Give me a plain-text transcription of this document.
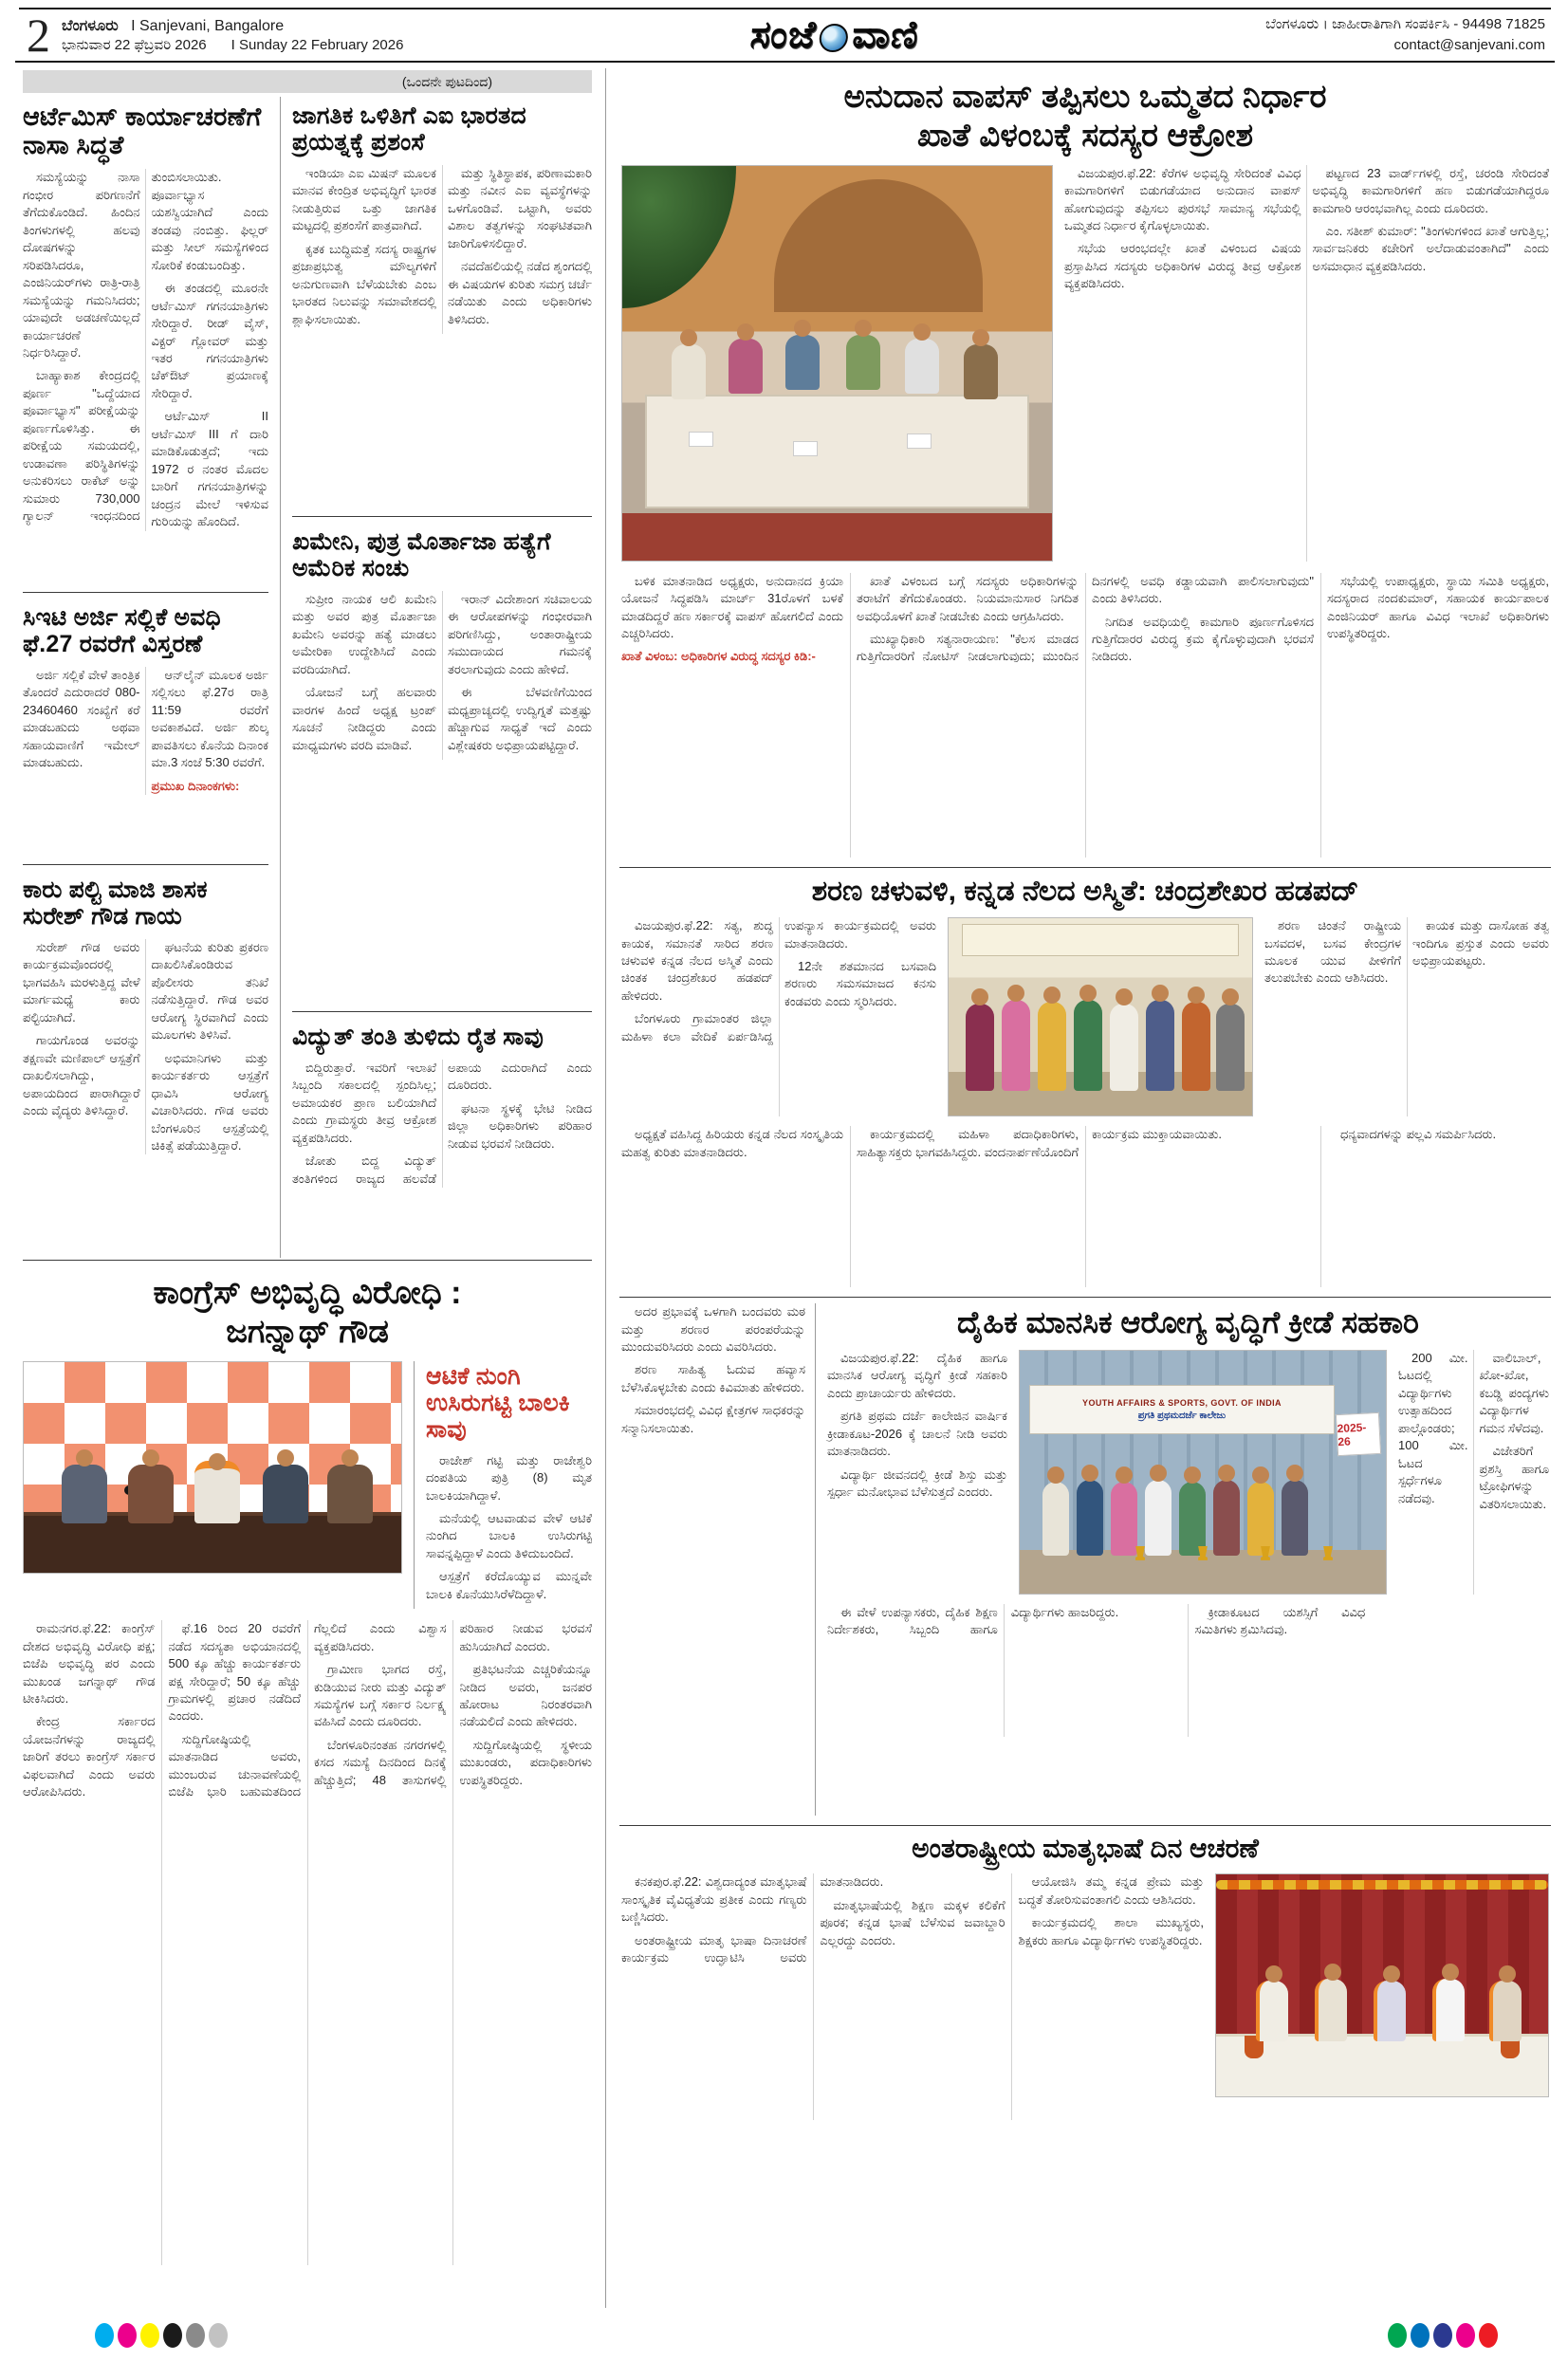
2 ಬೆಂಗಳೂರು I Sanjevani, Bangalore
ಭಾನುವಾರ 22 ಫೆಬ್ರವರಿ 2026 I Sunday 22 February 2026	ಸಂಜೆ ವಾಣಿ	ಬೆಂಗಳೂರು । ಜಾಹೀರಾತಿಗಾಗಿ ಸಂಪರ್ಕಿಸಿ - 94498 71825
contact@sanjevani.com
(ಒಂದನೇ ಪುಟದಿಂದ)
ಆರ್ಟೆಮಿಸ್ ಕಾರ್ಯಾಚರಣೆಗೆ ನಾಸಾ ಸಿದ್ಧತೆ

ಸಮಸ್ಯೆಯನ್ನು ನಾಸಾ ಗಂಭೀರ ಪರಿಗಣನೆಗೆ ತೆಗೆದುಕೊಂಡಿದೆ. ಹಿಂದಿನ ತಿಂಗಳುಗಳಲ್ಲಿ ಹಲವು ದೋಷಗಳನ್ನು ಸರಿಪಡಿಸಿದರೂ, ಎಂಜಿನಿಯರ್‌ಗಳು ರಾತ್ರಿ-ರಾತ್ರಿ ಸಮಸ್ಯೆಯನ್ನು ಗಮನಿಸಿದರು; ಯಾವುದೇ ಅಡಚಣೆಯಿಲ್ಲದೆ ಕಾರ್ಯಾಚರಣೆ ನಿರ್ಧರಿಸಿದ್ದಾರೆ.

ಬಾಹ್ಯಾಕಾಶ ಕೇಂದ್ರದಲ್ಲಿ ಪೂರ್ಣ "ಒದ್ದೆಯಾದ ಪೂರ್ವಾಭ್ಯಾಸ" ಪರೀಕ್ಷೆಯನ್ನು ಪೂರ್ಣಗೊಳಿಸಿತ್ತು. ಈ ಪರೀಕ್ಷೆಯ ಸಮಯದಲ್ಲಿ, ಉಡಾವಣಾ ಪರಿಸ್ಥಿತಿಗಳನ್ನು ಅನುಕರಿಸಲು ರಾಕೆಟ್ ಅನ್ನು ಸುಮಾರು 730,000 ಗ್ಯಾಲನ್ ಇಂಧನದಿಂದ ತುಂಬಿಸಲಾಯಿತು. ಪೂರ್ವಾಭ್ಯಾಸ ಯಶಸ್ವಿಯಾಗಿದೆ ಎಂದು ತಂಡವು ನಂಬಿತ್ತು. ಫಿಲ್ಲರ್ ಮತ್ತು ಸೀಲ್ ಸಮಸ್ಯೆಗಳಿಂದ ಸೋರಿಕೆ ಕಂಡುಬಂದಿತ್ತು.

ಈ ತಂಡದಲ್ಲಿ ಮೂರನೇ ಆರ್ಟೆಮಿಸ್ ಗಗನಯಾತ್ರಿಗಳು ಸೇರಿದ್ದಾರೆ. ರೀಡ್ ವೈಸ್, ವಿಕ್ಟರ್ ಗ್ಲೋವರ್ ಮತ್ತು ಇತರ ಗಗನಯಾತ್ರಿಗಳು ಚೆಕ್‌ಔಟ್ ಪ್ರಯಾಣಕ್ಕೆ ಸೇರಿದ್ದಾರೆ.

ಆರ್ಟೆಮಿಸ್ II ಆರ್ಟೆಮಿಸ್ III ಗೆ ದಾರಿ ಮಾಡಿಕೊಡುತ್ತದೆ; ಇದು 1972 ರ ನಂತರ ಮೊದಲ ಬಾರಿಗೆ ಗಗನಯಾತ್ರಿಗಳನ್ನು ಚಂದ್ರನ ಮೇಲೆ ಇಳಿಸುವ ಗುರಿಯನ್ನು ಹೊಂದಿದೆ.

ಸಿಇಟಿ ಅರ್ಜಿ ಸಲ್ಲಿಕೆ ಅವಧಿ ಫೆ.27 ರವರೆಗೆ ವಿಸ್ತರಣೆ

ಅರ್ಜಿ ಸಲ್ಲಿಕೆ ವೇಳೆ ತಾಂತ್ರಿಕ ತೊಂದರೆ ಎದುರಾದರೆ 080-23460460 ಸಂಖ್ಯೆಗೆ ಕರೆ ಮಾಡಬಹುದು ಅಥವಾ ಸಹಾಯವಾಣಿಗೆ ಇಮೇಲ್ ಮಾಡಬಹುದು.

ಆನ್‌ಲೈನ್ ಮೂಲಕ ಅರ್ಜಿ ಸಲ್ಲಿಸಲು ಫೆ.27ರ ರಾತ್ರಿ 11:59 ರವರೆಗೆ ಅವಕಾಶವಿದೆ. ಅರ್ಜಿ ಶುಲ್ಕ ಪಾವತಿಸಲು ಕೊನೆಯ ದಿನಾಂಕ ಮಾ.3 ಸಂಜೆ 5:30 ರವರೆಗೆ.

ಪ್ರಮುಖ ದಿನಾಂಕಗಳು:

ಕಾರು ಪಲ್ಟಿ ಮಾಜಿ ಶಾಸಕ ಸುರೇಶ್ ಗೌಡ ಗಾಯ

ಸುರೇಶ್ ಗೌಡ ಅವರು ಕಾರ್ಯಕ್ರಮವೊಂದರಲ್ಲಿ ಭಾಗವಹಿಸಿ ಮರಳುತ್ತಿದ್ದ ವೇಳೆ ಮಾರ್ಗಮಧ್ಯೆ ಕಾರು ಪಲ್ಟಿಯಾಗಿದೆ.

ಗಾಯಗೊಂಡ ಅವರನ್ನು ತಕ್ಷಣವೇ ಮಣಿಪಾಲ್ ಆಸ್ಪತ್ರೆಗೆ ದಾಖಲಿಸಲಾಗಿದ್ದು, ಅಪಾಯದಿಂದ ಪಾರಾಗಿದ್ದಾರೆ ಎಂದು ವೈದ್ಯರು ತಿಳಿಸಿದ್ದಾರೆ.

ಘಟನೆಯ ಕುರಿತು ಪ್ರಕರಣ ದಾಖಲಿಸಿಕೊಂಡಿರುವ ಪೊಲೀಸರು ತನಿಖೆ ನಡೆಸುತ್ತಿದ್ದಾರೆ. ಗೌಡ ಅವರ ಆರೋಗ್ಯ ಸ್ಥಿರವಾಗಿದೆ ಎಂದು ಮೂಲಗಳು ತಿಳಿಸಿವೆ.

ಅಭಿಮಾನಿಗಳು ಮತ್ತು ಕಾರ್ಯಕರ್ತರು ಆಸ್ಪತ್ರೆಗೆ ಧಾವಿಸಿ ಆರೋಗ್ಯ ವಿಚಾರಿಸಿದರು. ಗೌಡ ಅವರು ಬೆಂಗಳೂರಿನ ಆಸ್ಪತ್ರೆಯಲ್ಲಿ ಚಿಕಿತ್ಸೆ ಪಡೆಯುತ್ತಿದ್ದಾರೆ.

ಜಾಗತಿಕ ಒಳಿತಿಗೆ ಎಐ ಭಾರತದ ಪ್ರಯತ್ನಕ್ಕೆ ಪ್ರಶಂಸೆ

ಇಂಡಿಯಾ ಎಐ ಮಿಷನ್ ಮೂಲಕ ಮಾನವ ಕೇಂದ್ರಿತ ಅಭಿವೃದ್ಧಿಗೆ ಭಾರತ ನೀಡುತ್ತಿರುವ ಒತ್ತು ಜಾಗತಿಕ ಮಟ್ಟದಲ್ಲಿ ಪ್ರಶಂಸೆಗೆ ಪಾತ್ರವಾಗಿದೆ.

ಕೃತಕ ಬುದ್ಧಿಮತ್ತೆ ಸದಸ್ಯ ರಾಷ್ಟ್ರಗಳ ಪ್ರಜಾಪ್ರಭುತ್ವ ಮೌಲ್ಯಗಳಿಗೆ ಅನುಗುಣವಾಗಿ ಬೆಳೆಯಬೇಕು ಎಂಬ ಭಾರತದ ನಿಲುವನ್ನು ಸಮಾವೇಶದಲ್ಲಿ ಶ್ಲಾಘಿಸಲಾಯಿತು.

ಮತ್ತು ಸ್ಥಿತಿಸ್ಥಾಪಕ, ಪರಿಣಾಮಕಾರಿ ಮತ್ತು ನವೀನ ಎಐ ವ್ಯವಸ್ಥೆಗಳನ್ನು ಒಳಗೊಂಡಿವೆ. ಒಟ್ಟಾಗಿ, ಅವರು ವಿಶಾಲ ತತ್ವಗಳನ್ನು ಸಂಘಟಿತವಾಗಿ ಜಾರಿಗೊಳಿಸಲಿದ್ದಾರೆ.

ನವದೆಹಲಿಯಲ್ಲಿ ನಡೆದ ಶೃಂಗದಲ್ಲಿ ಈ ವಿಷಯಗಳ ಕುರಿತು ಸಮಗ್ರ ಚರ್ಚೆ ನಡೆಯಿತು ಎಂದು ಅಧಿಕಾರಿಗಳು ತಿಳಿಸಿದರು.

ಖಮೇನಿ, ಪುತ್ರ ಮೊರ್ತಾಜಾ ಹತ್ಯೆಗೆ ಅಮೆರಿಕ ಸಂಚು

ಸುಪ್ರೀಂ ನಾಯಕ ಆಲಿ ಖಮೇನಿ ಮತ್ತು ಅವರ ಪುತ್ರ ಮೊರ್ತಾಜಾ ಖಮೇನಿ ಅವರನ್ನು ಹತ್ಯೆ ಮಾಡಲು ಅಮೇರಿಕಾ ಉದ್ದೇಶಿಸಿದೆ ಎಂದು ವರದಿಯಾಗಿದೆ.

ಯೋಜನೆ ಬಗ್ಗೆ ಹಲವಾರು ವಾರಗಳ ಹಿಂದೆ ಅಧ್ಯಕ್ಷ ಟ್ರಂಪ್ ಸೂಚನೆ ನೀಡಿದ್ದರು ಎಂದು ಮಾಧ್ಯಮಗಳು ವರದಿ ಮಾಡಿವೆ.

ಇರಾನ್ ವಿದೇಶಾಂಗ ಸಚಿವಾಲಯ ಈ ಆರೋಪಗಳನ್ನು ಗಂಭೀರವಾಗಿ ಪರಿಗಣಿಸಿದ್ದು, ಅಂತಾರಾಷ್ಟ್ರೀಯ ಸಮುದಾಯದ ಗಮನಕ್ಕೆ ತರಲಾಗುವುದು ಎಂದು ಹೇಳಿದೆ.

ಈ ಬೆಳವಣಿಗೆಯಿಂದ ಮಧ್ಯಪ್ರಾಚ್ಯದಲ್ಲಿ ಉದ್ವಿಗ್ನತೆ ಮತ್ತಷ್ಟು ಹೆಚ್ಚಾಗುವ ಸಾಧ್ಯತೆ ಇದೆ ಎಂದು ವಿಶ್ಲೇಷಕರು ಅಭಿಪ್ರಾಯಪಟ್ಟಿದ್ದಾರೆ.

ವಿದ್ಯುತ್ ತಂತಿ ತುಳಿದು ರೈತ ಸಾವು

ಬಿದ್ದಿರುತ್ತಾರೆ. ಇವರಿಗೆ ಇಲಾಖೆ ಸಿಬ್ಬಂದಿ ಸಕಾಲದಲ್ಲಿ ಸ್ಪಂದಿಸಿಲ್ಲ; ಅಮಾಯಕರ ಪ್ರಾಣ ಬಲಿಯಾಗಿದೆ ಎಂದು ಗ್ರಾಮಸ್ಥರು ತೀವ್ರ ಆಕ್ರೋಶ ವ್ಯಕ್ತಪಡಿಸಿದರು.

ಜೋತು ಬಿದ್ದ ವಿದ್ಯುತ್ ತಂತಿಗಳಿಂದ ರಾಜ್ಯದ ಹಲವೆಡೆ ಅಪಾಯ ಎದುರಾಗಿದೆ ಎಂದು ದೂರಿದರು.

ಘಟನಾ ಸ್ಥಳಕ್ಕೆ ಭೇಟಿ ನೀಡಿದ ಜಿಲ್ಲಾ ಅಧಿಕಾರಿಗಳು ಪರಿಹಾರ ನೀಡುವ ಭರವಸೆ ನೀಡಿದರು.

ಕಾಂಗ್ರೆಸ್ ಅಭಿವೃದ್ಧಿ ವಿರೋಧಿ :
ಜಗನ್ನಾಥ್ ಗೌಡ
ಆಟಿಕೆ ನುಂಗಿ ಉಸಿರುಗಟ್ಟಿ ಬಾಲಕಿ ಸಾವು

ರಾಜೇಶ್ ಗಟ್ಟಿ ಮತ್ತು ರಾಜೇಶ್ವರಿ ದಂಪತಿಯ ಪುತ್ರಿ (8) ಮೃತ ಬಾಲಕಿಯಾಗಿದ್ದಾಳೆ.

ಮನೆಯಲ್ಲಿ ಆಟವಾಡುವ ವೇಳೆ ಆಟಿಕೆ ನುಂಗಿದ ಬಾಲಕಿ ಉಸಿರುಗಟ್ಟಿ ಸಾವನ್ನಪ್ಪಿದ್ದಾಳೆ ಎಂದು ತಿಳಿದುಬಂದಿದೆ.

ಆಸ್ಪತ್ರೆಗೆ ಕರೆದೊಯ್ಯುವ ಮುನ್ನವೇ ಬಾಲಕಿ ಕೊನೆಯುಸಿರೆಳೆದಿದ್ದಾಳೆ.

ರಾಮನಗರ.ಫೆ.22: ಕಾಂಗ್ರೆಸ್ ದೇಶದ ಅಭಿವೃದ್ಧಿ ವಿರೋಧಿ ಪಕ್ಷ; ಬಿಜೆಪಿ ಅಭಿವೃದ್ಧಿ ಪರ ಎಂದು ಮುಖಂಡ ಜಗನ್ನಾಥ್ ಗೌಡ ಟೀಕಿಸಿದರು.

ಕೇಂದ್ರ ಸರ್ಕಾರದ ಯೋಜನೆಗಳನ್ನು ರಾಜ್ಯದಲ್ಲಿ ಜಾರಿಗೆ ತರಲು ಕಾಂಗ್ರೆಸ್ ಸರ್ಕಾರ ವಿಫಲವಾಗಿದೆ ಎಂದು ಅವರು ಆರೋಪಿಸಿದರು.

ಫೆ.16 ರಿಂದ 20 ರವರೆಗೆ ನಡೆದ ಸದಸ್ಯತಾ ಅಭಿಯಾನದಲ್ಲಿ 500 ಕ್ಕೂ ಹೆಚ್ಚು ಕಾರ್ಯಕರ್ತರು ಪಕ್ಷ ಸೇರಿದ್ದಾರೆ; 50 ಕ್ಕೂ ಹೆಚ್ಚು ಗ್ರಾಮಗಳಲ್ಲಿ ಪ್ರಚಾರ ನಡೆದಿದೆ ಎಂದರು.

ಸುದ್ದಿಗೋಷ್ಠಿಯಲ್ಲಿ ಮಾತನಾಡಿದ ಅವರು, ಮುಂಬರುವ ಚುನಾವಣೆಯಲ್ಲಿ ಬಿಜೆಪಿ ಭಾರಿ ಬಹುಮತದಿಂದ ಗೆಲ್ಲಲಿದೆ ಎಂದು ವಿಶ್ವಾಸ ವ್ಯಕ್ತಪಡಿಸಿದರು.

ಗ್ರಾಮೀಣ ಭಾಗದ ರಸ್ತೆ, ಕುಡಿಯುವ ನೀರು ಮತ್ತು ವಿದ್ಯುತ್ ಸಮಸ್ಯೆಗಳ ಬಗ್ಗೆ ಸರ್ಕಾರ ನಿರ್ಲಕ್ಷ್ಯ ವಹಿಸಿದೆ ಎಂದು ದೂರಿದರು.

ಬೆಂಗಳೂರಿನಂತಹ ನಗರಗಳಲ್ಲಿ ಕಸದ ಸಮಸ್ಯೆ ದಿನದಿಂದ ದಿನಕ್ಕೆ ಹೆಚ್ಚುತ್ತಿದೆ; 48 ತಾಸುಗಳಲ್ಲಿ ಪರಿಹಾರ ನೀಡುವ ಭರವಸೆ ಹುಸಿಯಾಗಿದೆ ಎಂದರು.

ಪ್ರತಿಭಟನೆಯ ಎಚ್ಚರಿಕೆಯನ್ನೂ ನೀಡಿದ ಅವರು, ಜನಪರ ಹೋರಾಟ ನಿರಂತರವಾಗಿ ನಡೆಯಲಿದೆ ಎಂದು ಹೇಳಿದರು.

ಸುದ್ದಿಗೋಷ್ಠಿಯಲ್ಲಿ ಸ್ಥಳೀಯ ಮುಖಂಡರು, ಪದಾಧಿಕಾರಿಗಳು ಉಪಸ್ಥಿತರಿದ್ದರು.

ಅನುದಾನ ವಾಪಸ್ ತಪ್ಪಿಸಲು ಒಮ್ಮತದ ನಿರ್ಧಾರ
ಖಾತೆ ವಿಳಂಬಕ್ಕೆ ಸದಸ್ಯರ ಆಕ್ರೋಶ

ವಿಜಯಪುರ.ಫೆ.22: ಕೆರೆಗಳ ಅಭಿವೃದ್ಧಿ ಸೇರಿದಂತೆ ವಿವಿಧ ಕಾಮಗಾರಿಗಳಿಗೆ ಬಿಡುಗಡೆಯಾದ ಅನುದಾನ ವಾಪಸ್ ಹೋಗುವುದನ್ನು ತಪ್ಪಿಸಲು ಪುರಸಭೆ ಸಾಮಾನ್ಯ ಸಭೆಯಲ್ಲಿ ಒಮ್ಮತದ ನಿರ್ಧಾರ ಕೈಗೊಳ್ಳಲಾಯಿತು.

ಸಭೆಯ ಆರಂಭದಲ್ಲೇ ಖಾತೆ ವಿಳಂಬದ ವಿಷಯ ಪ್ರಸ್ತಾಪಿಸಿದ ಸದಸ್ಯರು ಅಧಿಕಾರಿಗಳ ವಿರುದ್ಧ ತೀವ್ರ ಆಕ್ರೋಶ ವ್ಯಕ್ತಪಡಿಸಿದರು.

ಪಟ್ಟಣದ 23 ವಾರ್ಡ್‌ಗಳಲ್ಲಿ ರಸ್ತೆ, ಚರಂಡಿ ಸೇರಿದಂತೆ ಅಭಿವೃದ್ಧಿ ಕಾಮಗಾರಿಗಳಿಗೆ ಹಣ ಬಿಡುಗಡೆಯಾಗಿದ್ದರೂ ಕಾಮಗಾರಿ ಆರಂಭವಾಗಿಲ್ಲ ಎಂದು ದೂರಿದರು.

ಎಂ. ಸತೀಶ್ ಕುಮಾರ್: "ತಿಂಗಳುಗಳಿಂದ ಖಾತೆ ಆಗುತ್ತಿಲ್ಲ; ಸಾರ್ವಜನಿಕರು ಕಚೇರಿಗೆ ಅಲೆದಾಡುವಂತಾಗಿದೆ" ಎಂದು ಅಸಮಾಧಾನ ವ್ಯಕ್ತಪಡಿಸಿದರು.

ಬಳಿಕ ಮಾತನಾಡಿದ ಅಧ್ಯಕ್ಷರು, ಅನುದಾನದ ಕ್ರಿಯಾ ಯೋಜನೆ ಸಿದ್ಧಪಡಿಸಿ ಮಾರ್ಚ್ 31ರೊಳಗೆ ಬಳಕೆ ಮಾಡದಿದ್ದರೆ ಹಣ ಸರ್ಕಾರಕ್ಕೆ ವಾಪಸ್ ಹೋಗಲಿದೆ ಎಂದು ಎಚ್ಚರಿಸಿದರು.

ಖಾತೆ ವಿಳಂಬ: ಅಧಿಕಾರಿಗಳ ವಿರುದ್ಧ ಸದಸ್ಯರ ಕಿಡಿ:-

ಖಾತೆ ವಿಳಂಬದ ಬಗ್ಗೆ ಸದಸ್ಯರು ಅಧಿಕಾರಿಗಳನ್ನು ತರಾಟೆಗೆ ತೆಗೆದುಕೊಂಡರು. ನಿಯಮಾನುಸಾರ ನಿಗದಿತ ಅವಧಿಯೊಳಗೆ ಖಾತೆ ನೀಡಬೇಕು ಎಂದು ಆಗ್ರಹಿಸಿದರು.

ಮುಖ್ಯಾಧಿಕಾರಿ ಸತ್ಯನಾರಾಯಣ: "ಕೆಲಸ ಮಾಡದ ಗುತ್ತಿಗೆದಾರರಿಗೆ ನೋಟಿಸ್ ನೀಡಲಾಗುವುದು; ಮುಂದಿನ ದಿನಗಳಲ್ಲಿ ಅವಧಿ ಕಡ್ಡಾಯವಾಗಿ ಪಾಲಿಸಲಾಗುವುದು" ಎಂದು ತಿಳಿಸಿದರು.

ನಿಗದಿತ ಅವಧಿಯಲ್ಲಿ ಕಾಮಗಾರಿ ಪೂರ್ಣಗೊಳಿಸದ ಗುತ್ತಿಗೆದಾರರ ವಿರುದ್ಧ ಕ್ರಮ ಕೈಗೊಳ್ಳುವುದಾಗಿ ಭರವಸೆ ನೀಡಿದರು.

ಸಭೆಯಲ್ಲಿ ಉಪಾಧ್ಯಕ್ಷರು, ಸ್ಥಾಯಿ ಸಮಿತಿ ಅಧ್ಯಕ್ಷರು, ಸದಸ್ಯರಾದ ನಂದಕುಮಾರ್, ಸಹಾಯಕ ಕಾರ್ಯಪಾಲಕ ಎಂಜಿನಿಯರ್ ಹಾಗೂ ವಿವಿಧ ಇಲಾಖೆ ಅಧಿಕಾರಿಗಳು ಉಪಸ್ಥಿತರಿದ್ದರು.

ಶರಣ ಚಳುವಳಿ, ಕನ್ನಡ ನೆಲದ ಅಸ್ಮಿತೆ: ಚಂದ್ರಶೇಖರ ಹಡಪದ್

ವಿಜಯಪುರ.ಫೆ.22: ಸತ್ಯ, ಶುದ್ಧ ಕಾಯಕ, ಸಮಾನತೆ ಸಾರಿದ ಶರಣ ಚಳುವಳಿ ಕನ್ನಡ ನೆಲದ ಅಸ್ಮಿತೆ ಎಂದು ಚಿಂತಕ ಚಂದ್ರಶೇಖರ ಹಡಪದ್ ಹೇಳಿದರು.

ಬೆಂಗಳೂರು ಗ್ರಾಮಾಂತರ ಜಿಲ್ಲಾ ಮಹಿಳಾ ಕಲಾ ವೇದಿಕೆ ಏರ್ಪಡಿಸಿದ್ದ ಉಪನ್ಯಾಸ ಕಾರ್ಯಕ್ರಮದಲ್ಲಿ ಅವರು ಮಾತನಾಡಿದರು.

12ನೇ ಶತಮಾನದ ಬಸವಾದಿ ಶರಣರು ಸಮಸಮಾಜದ ಕನಸು ಕಂಡವರು ಎಂದು ಸ್ಮರಿಸಿದರು.

ಶರಣ ಚಿಂತನೆ ರಾಷ್ಟ್ರೀಯ ಬಸವದಳ, ಬಸವ ಕೇಂದ್ರಗಳ ಮೂಲಕ ಯುವ ಪೀಳಿಗೆಗೆ ತಲುಪಬೇಕು ಎಂದು ಆಶಿಸಿದರು.

ಕಾಯಕ ಮತ್ತು ದಾಸೋಹ ತತ್ವ ಇಂದಿಗೂ ಪ್ರಸ್ತುತ ಎಂದು ಅವರು ಅಭಿಪ್ರಾಯಪಟ್ಟರು.

ಅಧ್ಯಕ್ಷತೆ ವಹಿಸಿದ್ದ ಹಿರಿಯರು ಕನ್ನಡ ನೆಲದ ಸಂಸ್ಕೃತಿಯ ಮಹತ್ವ ಕುರಿತು ಮಾತನಾಡಿದರು.

ಕಾರ್ಯಕ್ರಮದಲ್ಲಿ ಮಹಿಳಾ ಪದಾಧಿಕಾರಿಗಳು, ಸಾಹಿತ್ಯಾಸಕ್ತರು ಭಾಗವಹಿಸಿದ್ದರು. ವಂದನಾರ್ಪಣೆಯೊಂದಿಗೆ ಕಾರ್ಯಕ್ರಮ ಮುಕ್ತಾಯವಾಯಿತು.	ಧನ್ಯವಾದಗಳನ್ನು ಪಲ್ಲವಿ ಸಮರ್ಪಿಸಿದರು.

ಅದರ ಪ್ರಭಾವಕ್ಕೆ ಒಳಗಾಗಿ ಬಂದವರು ಮಠ ಮತ್ತು ಶರಣರ ಪರಂಪರೆಯನ್ನು ಮುಂದುವರಿಸಿದರು ಎಂದು ವಿವರಿಸಿದರು.

ಶರಣ ಸಾಹಿತ್ಯ ಓದುವ ಹವ್ಯಾಸ ಬೆಳೆಸಿಕೊಳ್ಳಬೇಕು ಎಂದು ಕಿವಿಮಾತು ಹೇಳಿದರು.

ಸಮಾರಂಭದಲ್ಲಿ ವಿವಿಧ ಕ್ಷೇತ್ರಗಳ ಸಾಧಕರನ್ನು ಸನ್ಮಾನಿಸಲಾಯಿತು.

ದೈಹಿಕ ಮಾನಸಿಕ ಆರೋಗ್ಯ ವೃದ್ಧಿಗೆ ಕ್ರೀಡೆ ಸಹಕಾರಿ

ವಿಜಯಪುರ.ಫೆ.22: ದೈಹಿಕ ಹಾಗೂ ಮಾನಸಿಕ ಆರೋಗ್ಯ ವೃದ್ಧಿಗೆ ಕ್ರೀಡೆ ಸಹಕಾರಿ ಎಂದು ಪ್ರಾಚಾರ್ಯರು ಹೇಳಿದರು.

ಪ್ರಗತಿ ಪ್ರಥಮ ದರ್ಜೆ ಕಾಲೇಜಿನ ವಾರ್ಷಿಕ ಕ್ರೀಡಾಕೂಟ-2026 ಕ್ಕೆ ಚಾಲನೆ ನೀಡಿ ಅವರು ಮಾತನಾಡಿದರು.

ವಿದ್ಯಾರ್ಥಿ ಜೀವನದಲ್ಲಿ ಕ್ರೀಡೆ ಶಿಸ್ತು ಮತ್ತು ಸ್ಪರ್ಧಾ ಮನೋಭಾವ ಬೆಳೆಸುತ್ತದೆ ಎಂದರು.

YOUTH AFFAIRS & SPORTS, GOVT. OF INDIA
ಪ್ರಗತಿ ಪ್ರಥಮದರ್ಜೆ ಕಾಲೇಜು
2025-26

200 ಮೀ. ಓಟದಲ್ಲಿ ವಿದ್ಯಾರ್ಥಿಗಳು ಉತ್ಸಾಹದಿಂದ ಪಾಲ್ಗೊಂಡರು; 100 ಮೀ. ಓಟದ ಸ್ಪರ್ಧೆಗಳೂ ನಡೆದವು.

ವಾಲಿಬಾಲ್, ಖೋ-ಖೋ, ಕಬಡ್ಡಿ ಪಂದ್ಯಗಳು ವಿದ್ಯಾರ್ಥಿಗಳ ಗಮನ ಸೆಳೆದವು.

ವಿಜೇತರಿಗೆ ಪ್ರಶಸ್ತಿ ಹಾಗೂ ಟ್ರೋಫಿಗಳನ್ನು ವಿತರಿಸಲಾಯಿತು.

ಈ ವೇಳೆ ಉಪನ್ಯಾಸಕರು, ದೈಹಿಕ ಶಿಕ್ಷಣ ನಿರ್ದೇಶಕರು, ಸಿಬ್ಬಂದಿ ಹಾಗೂ ವಿದ್ಯಾರ್ಥಿಗಳು ಹಾಜರಿದ್ದರು.	ಕ್ರೀಡಾಕೂಟದ ಯಶಸ್ಸಿಗೆ ವಿವಿಧ ಸಮಿತಿಗಳು ಶ್ರಮಿಸಿದವು.

ಅಂತರಾಷ್ಟ್ರೀಯ ಮಾತೃಭಾಷೆ ದಿನ ಆಚರಣೆ

ಕನಕಪುರ.ಫೆ.22: ವಿಶ್ವದಾದ್ಯಂತ ಮಾತೃಭಾಷೆ ಸಾಂಸ್ಕೃತಿಕ ವೈವಿಧ್ಯತೆಯ ಪ್ರತೀಕ ಎಂದು ಗಣ್ಯರು ಬಣ್ಣಿಸಿದರು.

ಅಂತರಾಷ್ಟ್ರೀಯ ಮಾತೃ ಭಾಷಾ ದಿನಾಚರಣೆ ಕಾರ್ಯಕ್ರಮ ಉದ್ಘಾಟಿಸಿ ಅವರು ಮಾತನಾಡಿದರು.

ಮಾತೃಭಾಷೆಯಲ್ಲಿ ಶಿಕ್ಷಣ ಮಕ್ಕಳ ಕಲಿಕೆಗೆ ಪೂರಕ; ಕನ್ನಡ ಭಾಷೆ ಬೆಳೆಸುವ ಜವಾಬ್ದಾರಿ ಎಲ್ಲರದ್ದು ಎಂದರು.

ಆಯೋಜಿಸಿ ತಮ್ಮ ಕನ್ನಡ ಪ್ರೇಮ ಮತ್ತು ಬದ್ಧತೆ ತೋರಿಸುವಂತಾಗಲಿ ಎಂದು ಆಶಿಸಿದರು.

ಕಾರ್ಯಕ್ರಮದಲ್ಲಿ ಶಾಲಾ ಮುಖ್ಯಸ್ಥರು, ಶಿಕ್ಷಕರು ಹಾಗೂ ವಿದ್ಯಾರ್ಥಿಗಳು ಉಪಸ್ಥಿತರಿದ್ದರು.
